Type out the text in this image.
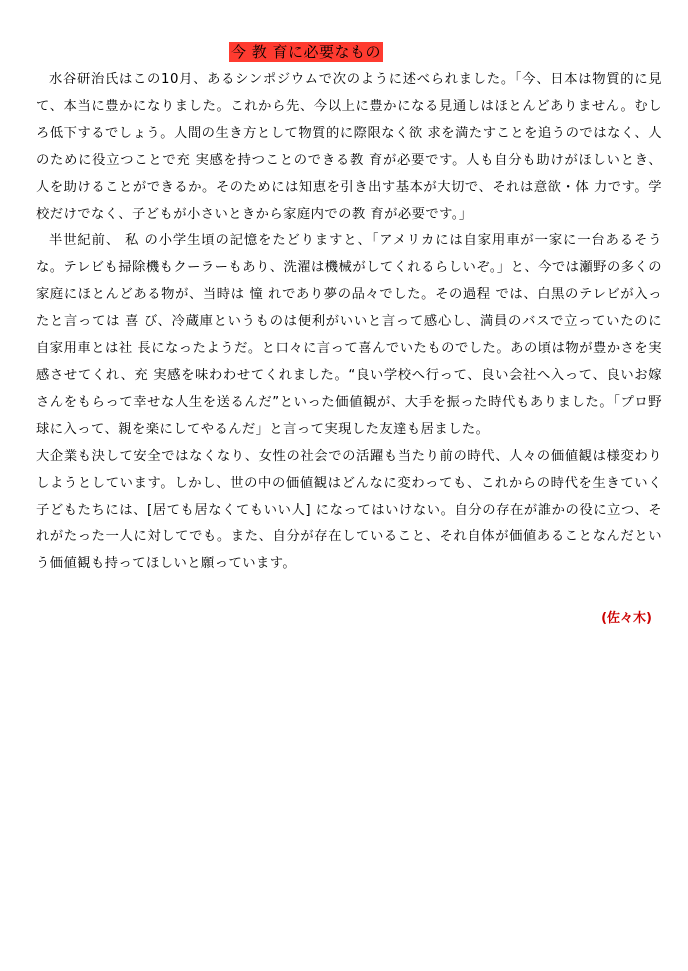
今 教 育に必要なもの

水谷研治氏はこの10月、あるシンポジウムで次のように述べられました。「今、日本は物質的に見て、本当に豊かになりました。これから先、今以上に豊かになる見通しはほとんどありません。むしろ低下するでしょう。人間の生き方として物質的に際限なく欲 求を満たすことを追うのではなく、人のために役立つことで充 実感を持つことのできる教 育が必要です。人も自分も助けがほしいとき、人を助けることができるか。そのためには知恵を引き出す基本が大切で、それは意欲・体 力です。学校だけでなく、子どもが小さいときから家庭内での教 育が必要です。」

半世紀前、 私 の小学生頃の記憶をたどりますと、「アメリカには自家用車が一家に一台あるそうな。テレビも掃除機もクーラーもあり、洗濯は機械がしてくれるらしいぞ。」と、今では瀬野の多くの家庭にほとんどある物が、当時は 憧 れであり夢の品々でした。その過程 では、白黒のテレビが入ったと言っては 喜 び、冷蔵庫というものは便利がいいと言って感心し、満員のバスで立っていたのに自家用車とは社 長になったようだ。と口々に言って喜んでいたものでした。あの頃は物が豊かさを実感させてくれ、充 実感を味わわせてくれました。“良い学校へ行って、良い会社へ入って、良いお嫁さんをもらって幸せな人生を送るんだ”といった価値観が、大手を振った時代もありました。「プロ野球に入って、親を楽にしてやるんだ」と言って実現した友達も居ました。

大企業も決して安全ではなくなり、女性の社会での活躍も当たり前の時代、人々の価値観は様変わりしようとしています。しかし、世の中の価値観はどんなに変わっても、これからの時代を生きていく子どもたちには、[居ても居なくてもいい人] になってはいけない。自分の存在が誰かの役に立つ、それがたった一人に対してでも。また、自分が存在していること、それ自体が価値あることなんだという価値観も持ってほしいと願っています。

(佐々木)
